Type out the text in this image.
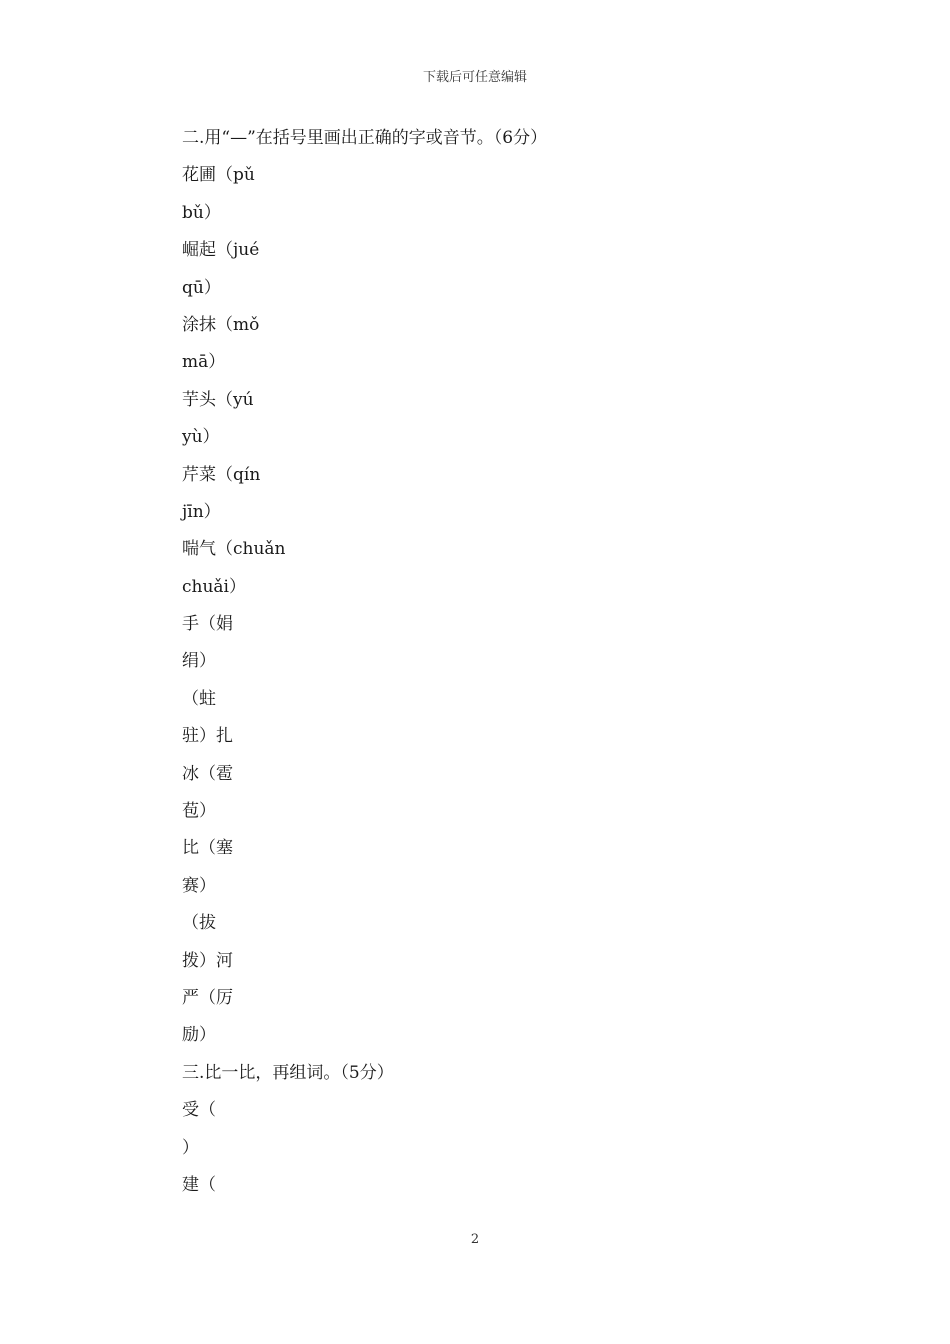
下载后可任意编辑
二.用“—”在括号里画出正确的字或音节。（6分）
花圃（pǔ
bǔ）
崛起（jué
qū）
涂抹（mǒ
mā）
芋头（yú
yù）
芹菜（qín
jīn）
喘气（chuǎn
chuǎi）
手（娟
绢）
（蛀
驻）扎
冰（雹
苞）
比（塞
赛）
（拔
拨）河
严（厉
励）
三.比一比，再组词。（5分）
受（
）
建（
2
